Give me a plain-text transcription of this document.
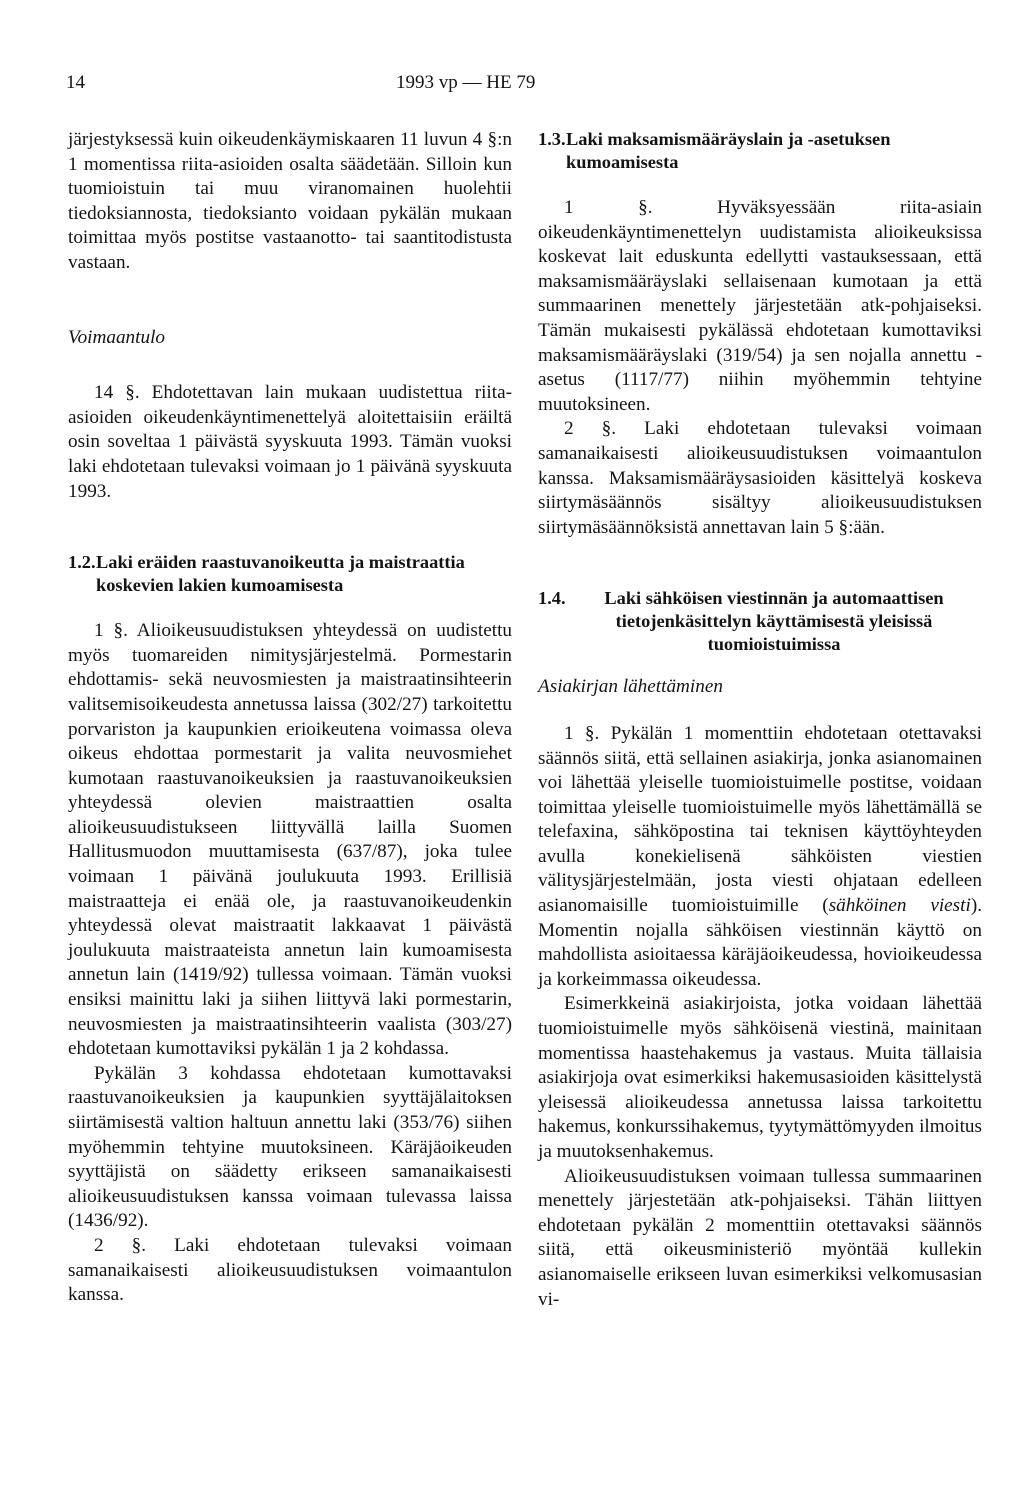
14	1993 vp — HE 79

järjestyksessä kuin oikeudenkäymiskaaren 11 luvun 4 §:n 1 momentissa riita-asioiden osalta säädetään. Silloin kun tuomioistuin tai muu viranomainen huolehtii tiedoksiannosta, tiedoksianto voidaan pykälän mukaan toimittaa myös postitse vastaanotto- tai saantitodistusta vastaan.

Voimaantulo

14 §. Ehdotettavan lain mukaan uudistettua riita-asioiden oikeudenkäyntimenettelyä aloitettaisiin eräiltä osin soveltaa 1 päivästä syyskuuta 1993. Tämän vuoksi laki ehdotetaan tulevaksi voimaan jo 1 päivänä syyskuuta 1993.

1.2. Laki eräiden raastuvanoikeutta ja maistraattia koskevien lakien kumoamisesta

1 §. Alioikeusuudistuksen yhteydessä on uudistettu myös tuomareiden nimitysjärjestelmä. Pormestarin ehdottamis- sekä neuvosmiesten ja maistraatinsihteerin valitsemisoikeudesta annetussa laissa (302/27) tarkoitettu porvariston ja kaupunkien erioikeutena voimassa oleva oikeus ehdottaa pormestarit ja valita neuvosmiehet kumotaan raastuvanoikeuksien ja raastuvanoikeuksien yhteydessä olevien maistraattien osalta alioikeusuudistukseen liittyvällä lailla Suomen Hallitusmuodon muuttamisesta (637/87), joka tulee voimaan 1 päivänä joulukuuta 1993. Erillisiä maistraatteja ei enää ole, ja raastuvanoikeudenkin yhteydessä olevat maistraatit lakkaavat 1 päivästä joulukuuta maistraateista annetun lain kumoamisesta annetun lain (1419/92) tullessa voimaan. Tämän vuoksi ensiksi mainittu laki ja siihen liittyvä laki pormestarin, neuvosmiesten ja maistraatinsihteerin vaalista (303/27) ehdotetaan kumottaviksi pykälän 1 ja 2 kohdassa.

Pykälän 3 kohdassa ehdotetaan kumottavaksi raastuvanoikeuksien ja kaupunkien syyttäjälaitoksen siirtämisestä valtion haltuun annettu laki (353/76) siihen myöhemmin tehtyine muutoksineen. Käräjäoikeuden syyttäjistä on säädetty erikseen samanaikaisesti alioikeusuudistuksen kanssa voimaan tulevassa laissa (1436/92).

2 §. Laki ehdotetaan tulevaksi voimaan samanaikaisesti alioikeusuudistuksen voimaantulon kanssa.

1.3. Laki maksamismääräyslain ja -asetuksen kumoamisesta

1 §. Hyväksyessään riita-asiain oikeudenkäyntimenettelyn uudistamista alioikeuksissa koskevat lait eduskunta edellytti vastauksessaan, että maksamismääräyslaki sellaisenaan kumotaan ja että summaarinen menettely järjestetään atk-pohjaiseksi. Tämän mukaisesti pykälässä ehdotetaan kumottaviksi maksamismääräyslaki (319/54) ja sen nojalla annettu -asetus (1117/77) niihin myöhemmin tehtyine muutoksineen.

2 §. Laki ehdotetaan tulevaksi voimaan samanaikaisesti alioikeusuudistuksen voimaantulon kanssa. Maksamismääräysasioiden käsittelyä koskeva siirtymäsäännös sisältyy alioikeusuudistuksen siirtymäsäännöksistä annettavan lain 5 §:ään.

1.4.	Laki sähköisen viestinnän ja automaattisen tietojenkäsittelyn käyttämisestä yleisissä tuomioistuimissa

Asiakirjan lähettäminen

1 §. Pykälän 1 momenttiin ehdotetaan otettavaksi säännös siitä, että sellainen asiakirja, jonka asianomainen voi lähettää yleiselle tuomioistuimelle postitse, voidaan toimittaa yleiselle tuomioistuimelle myös lähettämällä se telefaxina, sähköpostina tai teknisen käyttöyhteyden avulla konekielisenä sähköisten viestien välitysjärjestelmään, josta viesti ohjataan edelleen asianomaisille tuomioistuimille (sähköinen viesti). Momentin nojalla sähköisen viestinnän käyttö on mahdollista asioitaessa käräjäoikeudessa, hovioikeudessa ja korkeimmassa oikeudessa.

Esimerkkeinä asiakirjoista, jotka voidaan lähettää tuomioistuimelle myös sähköisenä viestinä, mainitaan momentissa haastehakemus ja vastaus. Muita tällaisia asiakirjoja ovat esimerkiksi hakemusasioiden käsittelystä yleisessä alioikeudessa annetussa laissa tarkoitettu hakemus, konkurssihakemus, tyytymättömyyden ilmoitus ja muutoksenhakemus.

Alioikeusuudistuksen voimaan tullessa summaarinen menettely järjestetään atk-pohjaiseksi. Tähän liittyen ehdotetaan pykälän 2 momenttiin otettavaksi säännös siitä, että oikeusministeriö myöntää kullekin asianomaiselle erikseen luvan esimerkiksi velkomusasian vi-
